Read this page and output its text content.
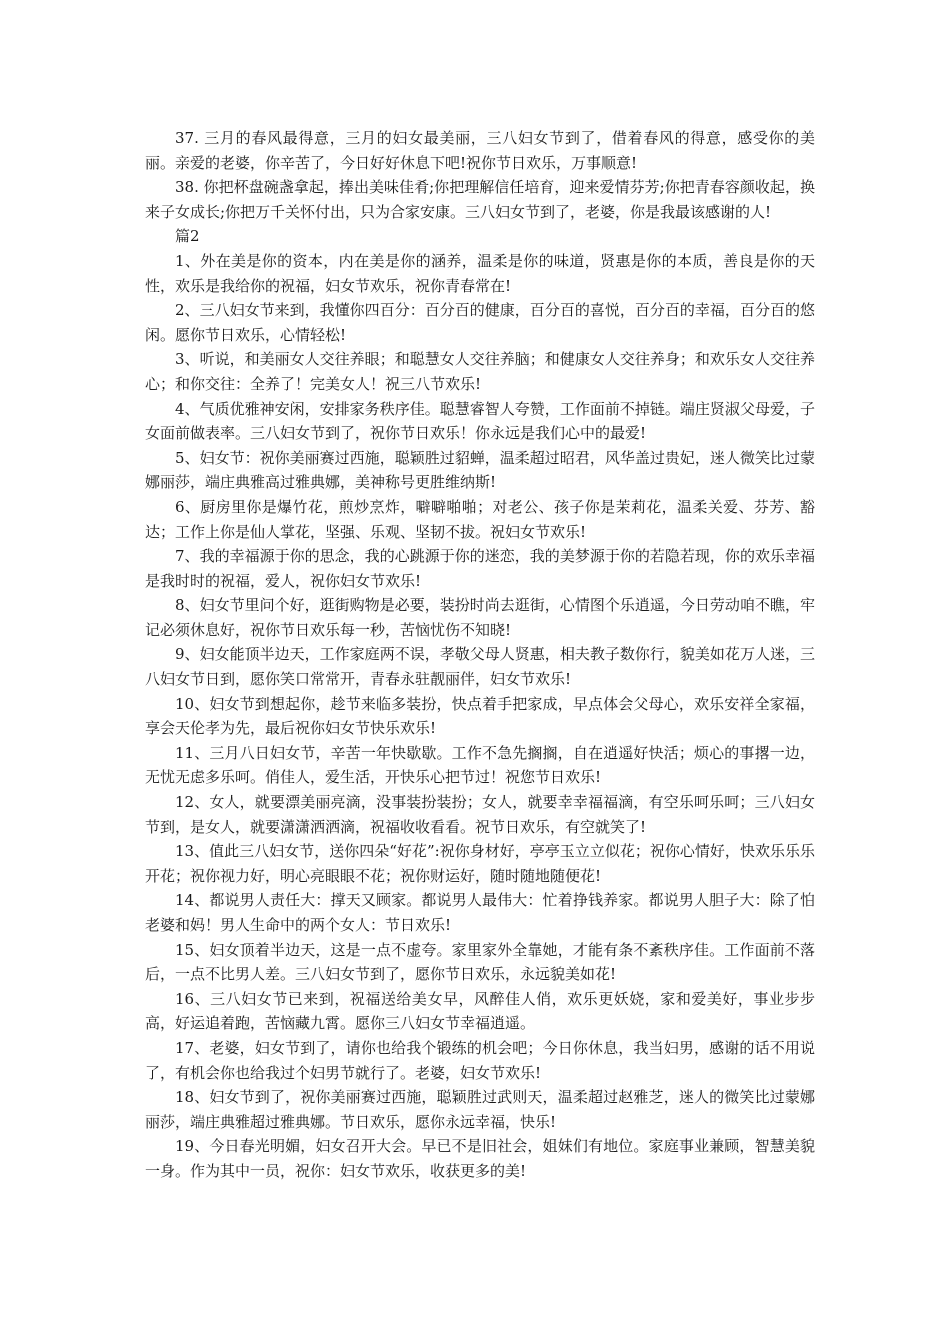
37. 三月的春风最得意，三月的妇女最美丽，三八妇女节到了，借着春风的得意，感受你的美丽。亲爱的老婆，你辛苦了，今日好好休息下吧!祝你节日欢乐，万事顺意!

38. 你把杯盘碗盏拿起，捧出美味佳肴;你把理解信任培育，迎来爱情芬芳;你把青春容颜收起，换来子女成长;你把万千关怀付出，只为合家安康。三八妇女节到了，老婆，你是我最该感谢的人!

篇2

1、外在美是你的资本，内在美是你的涵养，温柔是你的味道，贤惠是你的本质，善良是你的天性，欢乐是我给你的祝福，妇女节欢乐，祝你青春常在!

2、三八妇女节来到，我懂你四百分：百分百的健康，百分百的喜悦，百分百的幸福，百分百的悠闲。愿你节日欢乐，心情轻松!

3、听说，和美丽女人交往养眼；和聪慧女人交往养脑；和健康女人交往养身；和欢乐女人交往养心；和你交往：全养了！完美女人！祝三八节欢乐!

4、气质优雅神安闲，安排家务秩序佳。聪慧睿智人夸赞，工作面前不掉链。端庄贤淑父母爱，子女面前做表率。三八妇女节到了，祝你节日欢乐！你永远是我们心中的最爱!

5、妇女节：祝你美丽赛过西施，聪颖胜过貂蝉，温柔超过昭君，风华盖过贵妃，迷人微笑比过蒙娜丽莎，端庄典雅高过雅典娜，美神称号更胜维纳斯!

6、厨房里你是爆竹花，煎炒烹炸，噼噼啪啪；对老公、孩子你是茉莉花，温柔关爱、芬芳、豁达；工作上你是仙人掌花，坚强、乐观、坚韧不拔。祝妇女节欢乐!

7、我的幸福源于你的思念，我的心跳源于你的迷恋，我的美梦源于你的若隐若现，你的欢乐幸福是我时时的祝福，爱人，祝你妇女节欢乐!

8、妇女节里问个好，逛街购物是必要，装扮时尚去逛街，心情图个乐逍遥，今日劳动咱不瞧，牢记必须休息好，祝你节日欢乐每一秒，苦恼忧伤不知晓!

9、妇女能顶半边天，工作家庭两不误，孝敬父母人贤惠，相夫教子数你行，貌美如花万人迷，三八妇女节日到，愿你笑口常常开，青春永驻靓丽伴，妇女节欢乐!

10、妇女节到想起你，趁节来临多装扮，快点着手把家成，早点体会父母心，欢乐安祥全家福，享会天伦孝为先，最后祝你妇女节快乐欢乐!

11、三月八日妇女节，辛苦一年快歇歇。工作不急先搁搁，自在逍遥好快活；烦心的事撂一边，无忧无虑多乐呵。俏佳人，爱生活，开快乐心把节过！祝您节日欢乐!

12、女人，就要漂美丽亮滴，没事装扮装扮；女人，就要幸幸福福滴，有空乐呵乐呵；三八妇女节到，是女人，就要潇潇洒洒滴，祝福收收看看。祝节日欢乐，有空就笑了!

13、值此三八妇女节，送你四朵“好花”:祝你身材好，亭亭玉立立似花；祝你心情好，快欢乐乐乐开花；祝你视力好，明心亮眼眼不花；祝你财运好，随时随地随便花!

14、都说男人责任大：撑天又顾家。都说男人最伟大：忙着挣钱养家。都说男人胆子大：除了怕老婆和妈！男人生命中的两个女人：节日欢乐!

15、妇女顶着半边天，这是一点不虚夸。家里家外全靠她，才能有条不紊秩序佳。工作面前不落后，一点不比男人差。三八妇女节到了，愿你节日欢乐，永远貌美如花!

16、三八妇女节已来到，祝福送给美女早，风醉佳人俏，欢乐更妖娆，家和爱美好，事业步步高，好运追着跑，苦恼藏九霄。愿你三八妇女节幸福逍遥。

17、老婆，妇女节到了，请你也给我个锻练的机会吧；今日你休息，我当妇男，感谢的话不用说了，有机会你也给我过个妇男节就行了。老婆，妇女节欢乐!

18、妇女节到了，祝你美丽赛过西施，聪颖胜过武则天，温柔超过赵雅芝，迷人的微笑比过蒙娜丽莎，端庄典雅超过雅典娜。节日欢乐，愿你永远幸福，快乐!

19、今日春光明媚，妇女召开大会。早已不是旧社会，姐妹们有地位。家庭事业兼顾，智慧美貌一身。作为其中一员，祝你：妇女节欢乐，收获更多的美!
